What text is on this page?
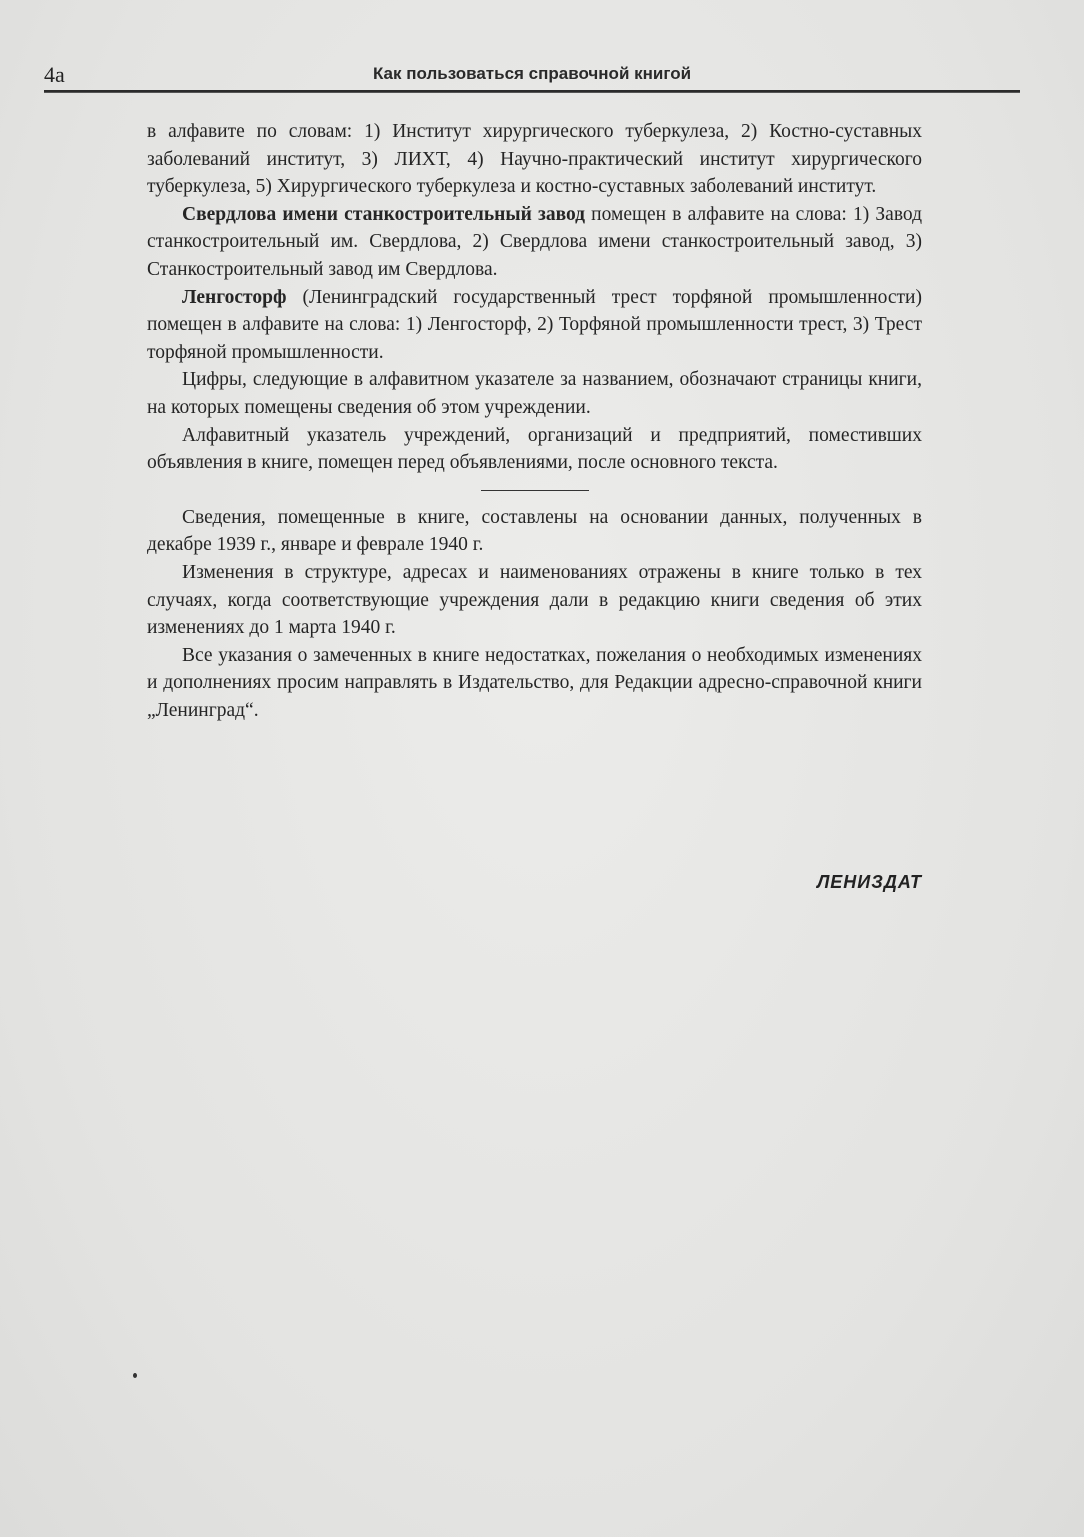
4a	Как пользоваться справочной книгой

в алфавите по словам: 1) Институт хирургического туберкулеза, 2) Костно-суставных заболеваний институт, 3) ЛИХТ, 4) Научно-практический институт хирургического туберкулеза, 5) Хирургического туберкулеза и костно-суставных заболеваний институт.

Свердлова имени станкостроительный завод помещен в алфавите на слова: 1) Завод станкостроительный им. Свердлова, 2) Свердлова имени станкостроительный завод, 3) Станкостроительный завод им Свердлова.

Ленгосторф (Ленинградский государственный трест торфяной промышленности) помещен в алфавите на слова: 1) Ленгосторф, 2) Торфяной промышленности трест, 3) Трест торфяной промышленности.

Цифры, следующие в алфавитном указателе за названием, обозначают страницы книги, на которых помещены сведения об этом учреждении.

Алфавитный указатель учреждений, организаций и предприятий, поместивших объявления в книге, помещен перед объявлениями, после основного текста.

Сведения, помещенные в книге, составлены на основании данных, полученных в декабре 1939 г., январе и феврале 1940 г.

Изменения в структуре, адресах и наименованиях отражены в книге только в тех случаях, когда соответствующие учреждения дали в редакцию книги сведения об этих изменениях до 1 марта 1940 г.

Все указания о замеченных в книге недостатках, пожелания о необходимых изменениях и дополнениях просим направлять в Издательство, для Редакции адресно-справочной книги „Ленинград“.

ЛЕНИЗДАТ
